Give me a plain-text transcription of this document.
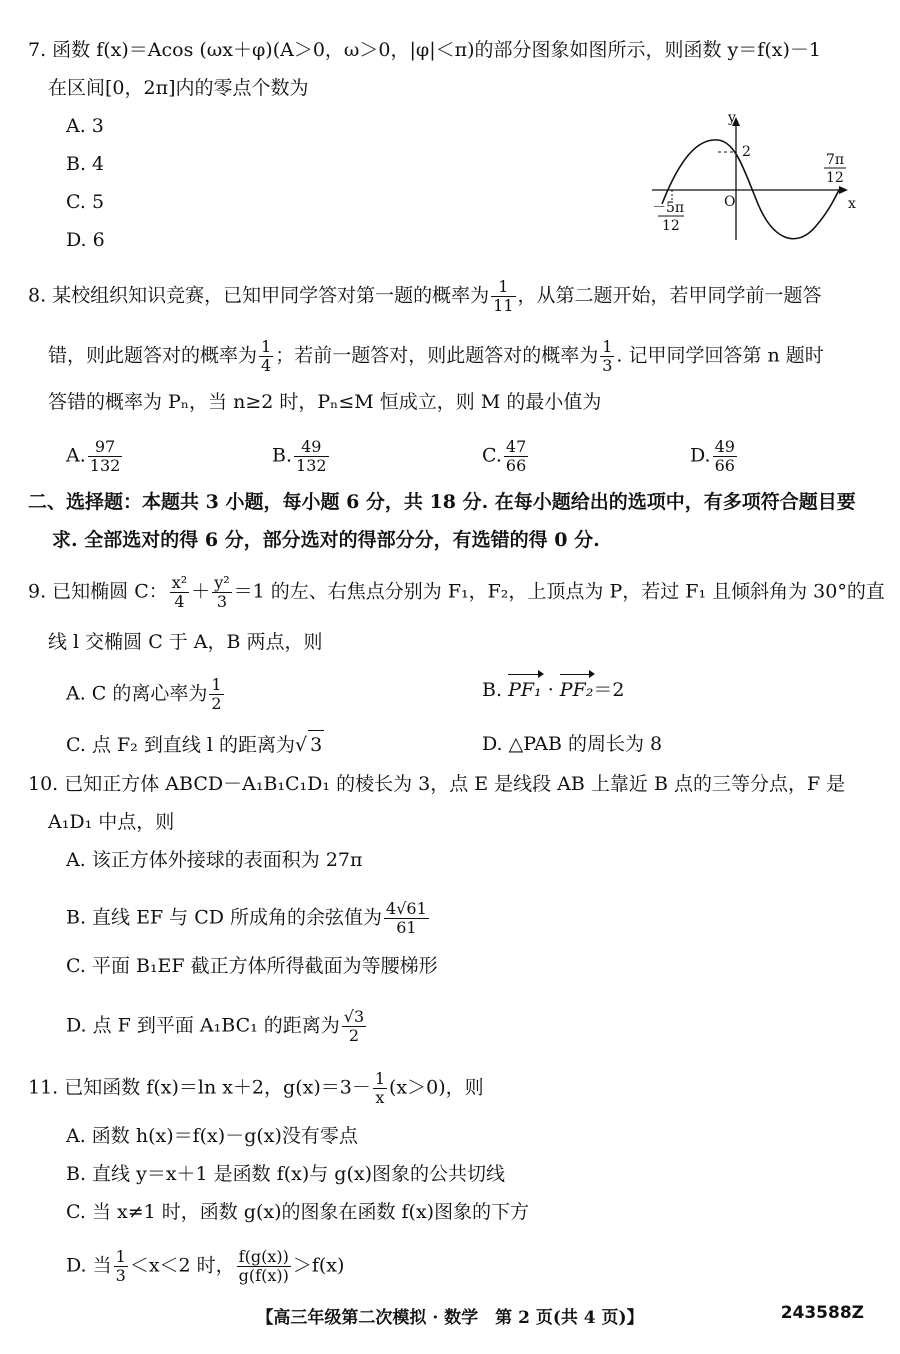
7. 函数 f(x)＝Acos (ωx＋φ)(A＞0，ω＞0，|φ|＜π)的部分图象如图所示，则函数 y＝f(x)－1
在区间[0，2π]内的零点个数为
A. 3
B. 4
C. 5
D. 6
y
x
O
2
－5π
12
7π
12
8. 某校组织知识竞赛，已知甲同学答对第一题的概率为 $\frac{1}{11}$ ，从第二题开始，若甲同学前一题答
错，则此题答对的概率为 $\frac{1}{4}$ ；若前一题答对，则此题答对的概率为 $\frac{1}{3}$ . 记甲同学回答第 n 题时
答错的概率为 Pₙ，当 n≥2 时，Pₙ≤M 恒成立，则 M 的最小值为
A. $\frac{97}{132}$	B. $\frac{49}{132}$	C. $\frac{47}{66}$	D. $\frac{49}{66}$
二、选择题：本题共 3 小题，每小题 6 分，共 18 分. 在每小题给出的选项中，有多项符合题目要
求. 全部选对的得 6 分，部分选对的得部分分，有选错的得 0 分.
9. 已知椭圆 C： $\frac{\text{x²}}{4} + \frac{\text{y²}}{3} =1$ 的左、右焦点分别为 F₁，F₂，上顶点为 P，若过 F₁ 且倾斜角为 30°的直
线 l 交椭圆 C 于 A，B 两点，则
A. C 的离心率为 $\frac{1}{2}$	B. PF₁ · PF₂＝2
C. 点 F₂ 到直线 l 的距离为√ 3	D. △PAB 的周长为 8
10. 已知正方体 ABCD－A₁B₁C₁D₁ 的棱长为 3，点 E 是线段 AB 上靠近 B 点的三等分点，F 是
A₁D₁ 中点，则
A. 该正方体外接球的表面积为 27π
B. 直线 EF 与 CD 所成角的余弦值为 $\frac{4√61}{61}$
C. 平面 B₁EF 截正方体所得截面为等腰梯形
D. 点 F 到平面 A₁BC₁ 的距离为 $\frac{√3}{2}$
11. 已知函数 f(x)＝ln x＋2，$g(x)=3- \frac{1}{x} (x>0)$，则
A. 函数 h(x)＝f(x)－g(x)没有零点
B. 直线 y＝x＋1 是函数 f(x)与 g(x)图象的公共切线
C. 当 x≠1 时，函数 g(x)的图象在函数 f(x)图象的下方
D. 当 $\frac{1}{3} <x<2$ 时， $\frac{f(g(x))}{g(f(x))} >f(x)$
【高三年级第二次模拟 · 数学　第 2 页(共 4 页)】	243588Z
